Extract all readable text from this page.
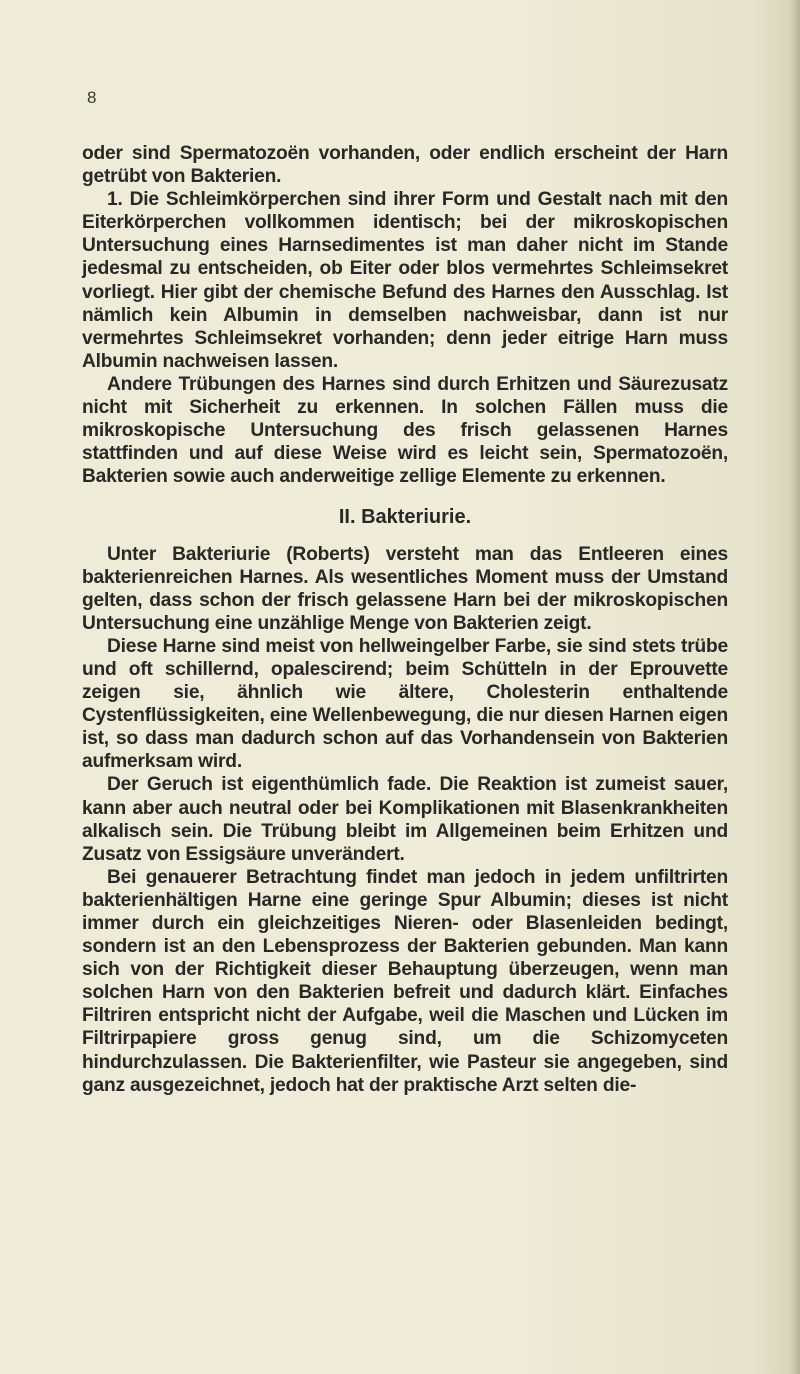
8

oder sind Spermatozoën vorhanden, oder endlich erscheint der Harn getrübt von Bakterien.

1. Die Schleimkörperchen sind ihrer Form und Gestalt nach mit den Eiterkörperchen vollkommen identisch; bei der mikroskopischen Untersuchung eines Harnsedimentes ist man daher nicht im Stande jedesmal zu entscheiden, ob Eiter oder blos vermehrtes Schleimsekret vorliegt. Hier gibt der chemische Befund des Harnes den Ausschlag. Ist nämlich kein Albumin in demselben nachweisbar, dann ist nur vermehrtes Schleimsekret vorhanden; denn jeder eitrige Harn muss Albumin nachweisen lassen.

Andere Trübungen des Harnes sind durch Erhitzen und Säurezusatz nicht mit Sicherheit zu erkennen. In solchen Fällen muss die mikroskopische Untersuchung des frisch gelassenen Harnes stattfinden und auf diese Weise wird es leicht sein, Spermatozoën, Bakterien sowie auch anderweitige zellige Elemente zu erkennen.

II. Bakteriurie.

Unter Bakteriurie (Roberts) versteht man das Entleeren eines bakterienreichen Harnes. Als wesentliches Moment muss der Umstand gelten, dass schon der frisch gelassene Harn bei der mikroskopischen Untersuchung eine unzählige Menge von Bakterien zeigt.

Diese Harne sind meist von hellweingelber Farbe, sie sind stets trübe und oft schillernd, opalescirend; beim Schütteln in der Eprouvette zeigen sie, ähnlich wie ältere, Cholesterin enthaltende Cystenflüssigkeiten, eine Wellenbewegung, die nur diesen Harnen eigen ist, so dass man dadurch schon auf das Vorhandensein von Bakterien aufmerksam wird.

Der Geruch ist eigenthümlich fade. Die Reaktion ist zumeist sauer, kann aber auch neutral oder bei Komplikationen mit Blasenkrankheiten alkalisch sein. Die Trübung bleibt im Allgemeinen beim Erhitzen und Zusatz von Essigsäure unverändert.

Bei genauerer Betrachtung findet man jedoch in jedem unfiltrirten bakterienhältigen Harne eine geringe Spur Albumin; dieses ist nicht immer durch ein gleichzeitiges Nieren- oder Blasenleiden bedingt, sondern ist an den Lebensprozess der Bakterien gebunden. Man kann sich von der Richtigkeit dieser Behauptung überzeugen, wenn man solchen Harn von den Bakterien befreit und dadurch klärt. Einfaches Filtriren entspricht nicht der Aufgabe, weil die Maschen und Lücken im Filtrirpapiere gross genug sind, um die Schizomyceten hindurchzulassen. Die Bakterienfilter, wie Pasteur sie angegeben, sind ganz ausgezeichnet, jedoch hat der praktische Arzt selten die-
